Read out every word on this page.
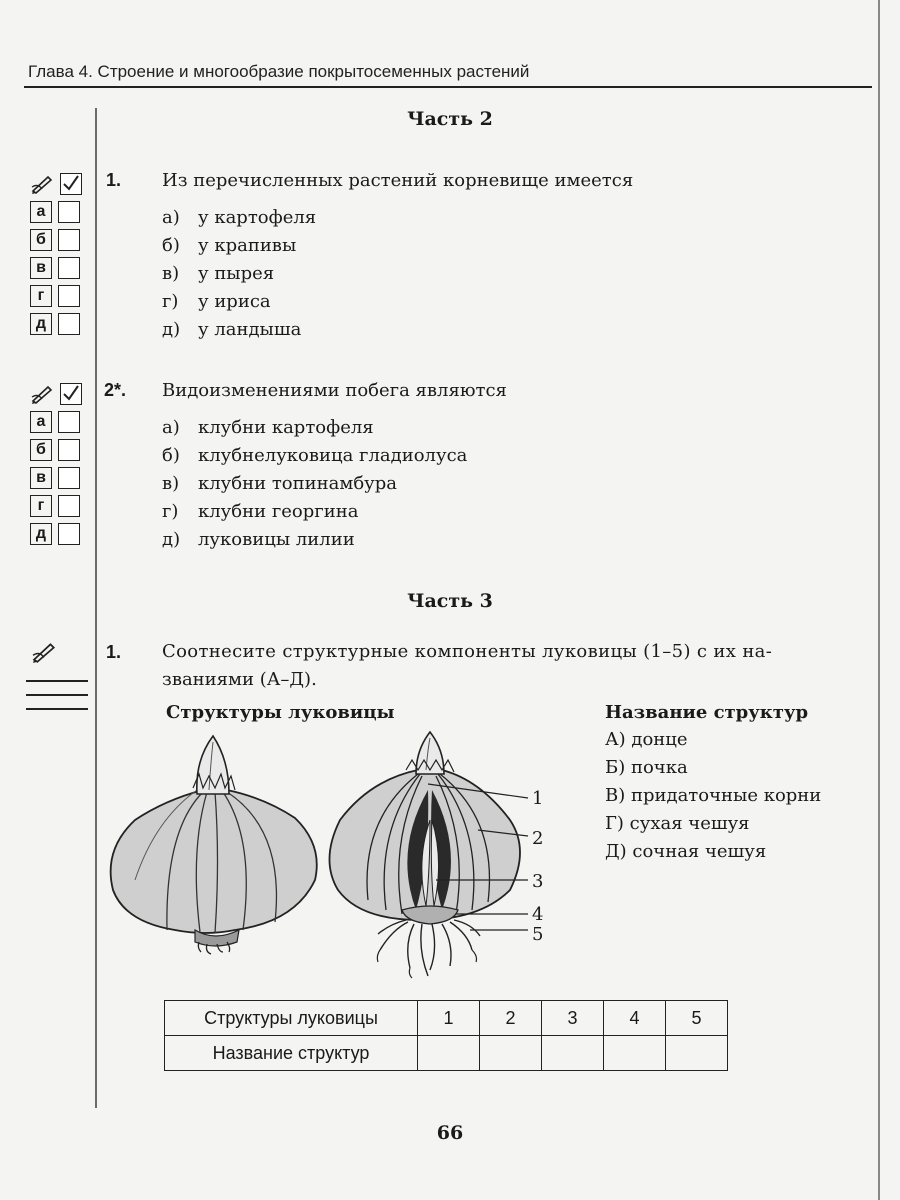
Глава 4. Строение и многообразие покрытосеменных растений
Часть 2
а
б
в
г
д
1. Из перечисленных растений корневище имеется
а) у картофеля
б) у крапивы
в) у пырея
г) у ириса
д) у ландыша
а
б
в
г
д
2*. Видоизменениями побега являются
а) клубни картофеля
б) клубнелуковица гладиолуса
в) клубни топинамбура
г) клубни георгина
д) луковицы лилии
Часть 3
1. Соотнесите структурные компоненты луковицы (1–5) с их на-
званиями (А–Д).
Структуры луковицы	Название структур
А) донце
Б) почка
В) придаточные корни
Г) сухая чешуя
Д) сочная чешуя
1
2
3
4
5
Структуры луковицы	1	2	3	4	5
Название структур					
66
